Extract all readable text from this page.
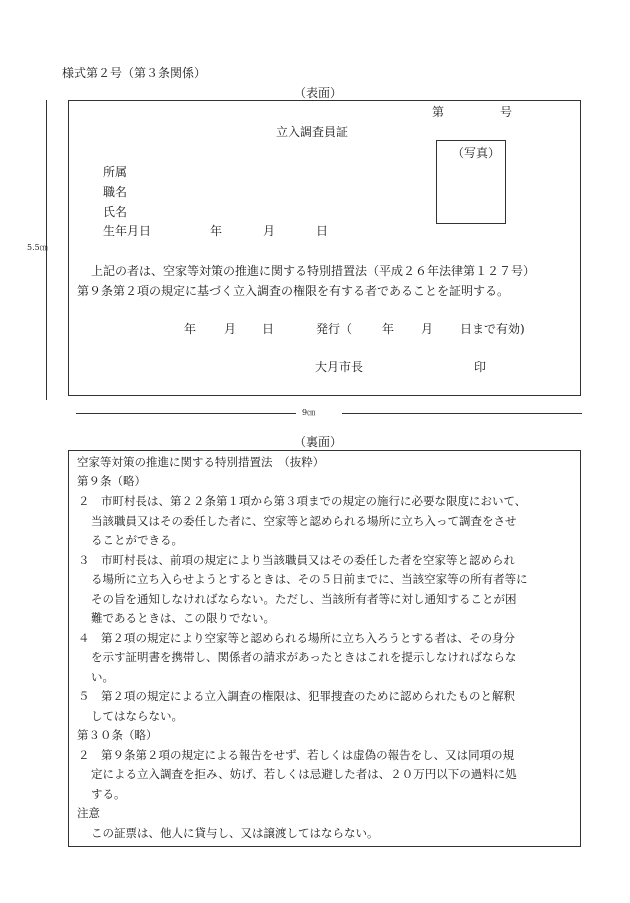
様式第２号（第３条関係）
（表面）
第	号
立入調査員証
（写真）
所属
職名
氏名
生年月日	年	月	日
上記の者は、空家等対策の推進に関する特別措置法（平成２６年法律第１２７号）
第９条第２項の規定に基づく立入調査の権限を有する者であることを証明する。
年 月 日	発行（ 年 月 日まで有効)
大月市長	印
5.5㎝
9㎝
（裏面）
空家等対策の推進に関する特別措置法　（抜粋）
第９条（略）
２　市町村長は、第２２条第１項から第３項までの規定の施行に必要な限度において、
当該職員又はその委任した者に、空家等と認められる場所に立ち入って調査をさせ
ることができる。
３　市町村長は、前項の規定により当該職員又はその委任した者を空家等と認められ
る場所に立ち入らせようとするときは、その５日前までに、当該空家等の所有者等に
その旨を通知しなければならない。ただし、当該所有者等に対し通知することが困
難であるときは、この限りでない。
４　第２項の規定により空家等と認められる場所に立ち入ろうとする者は、その身分
を示す証明書を携帯し、関係者の請求があったときはこれを提示しなければならな
い。
５　第２項の規定による立入調査の権限は、犯罪捜査のために認められたものと解釈
してはならない。
第３０条（略）
２　第９条第２項の規定による報告をせず、若しくは虚偽の報告をし、又は同項の規
定による立入調査を拒み、妨げ、若しくは忌避した者は、２０万円以下の過料に処
する。
注意
この証票は、他人に貸与し、又は譲渡してはならない。
